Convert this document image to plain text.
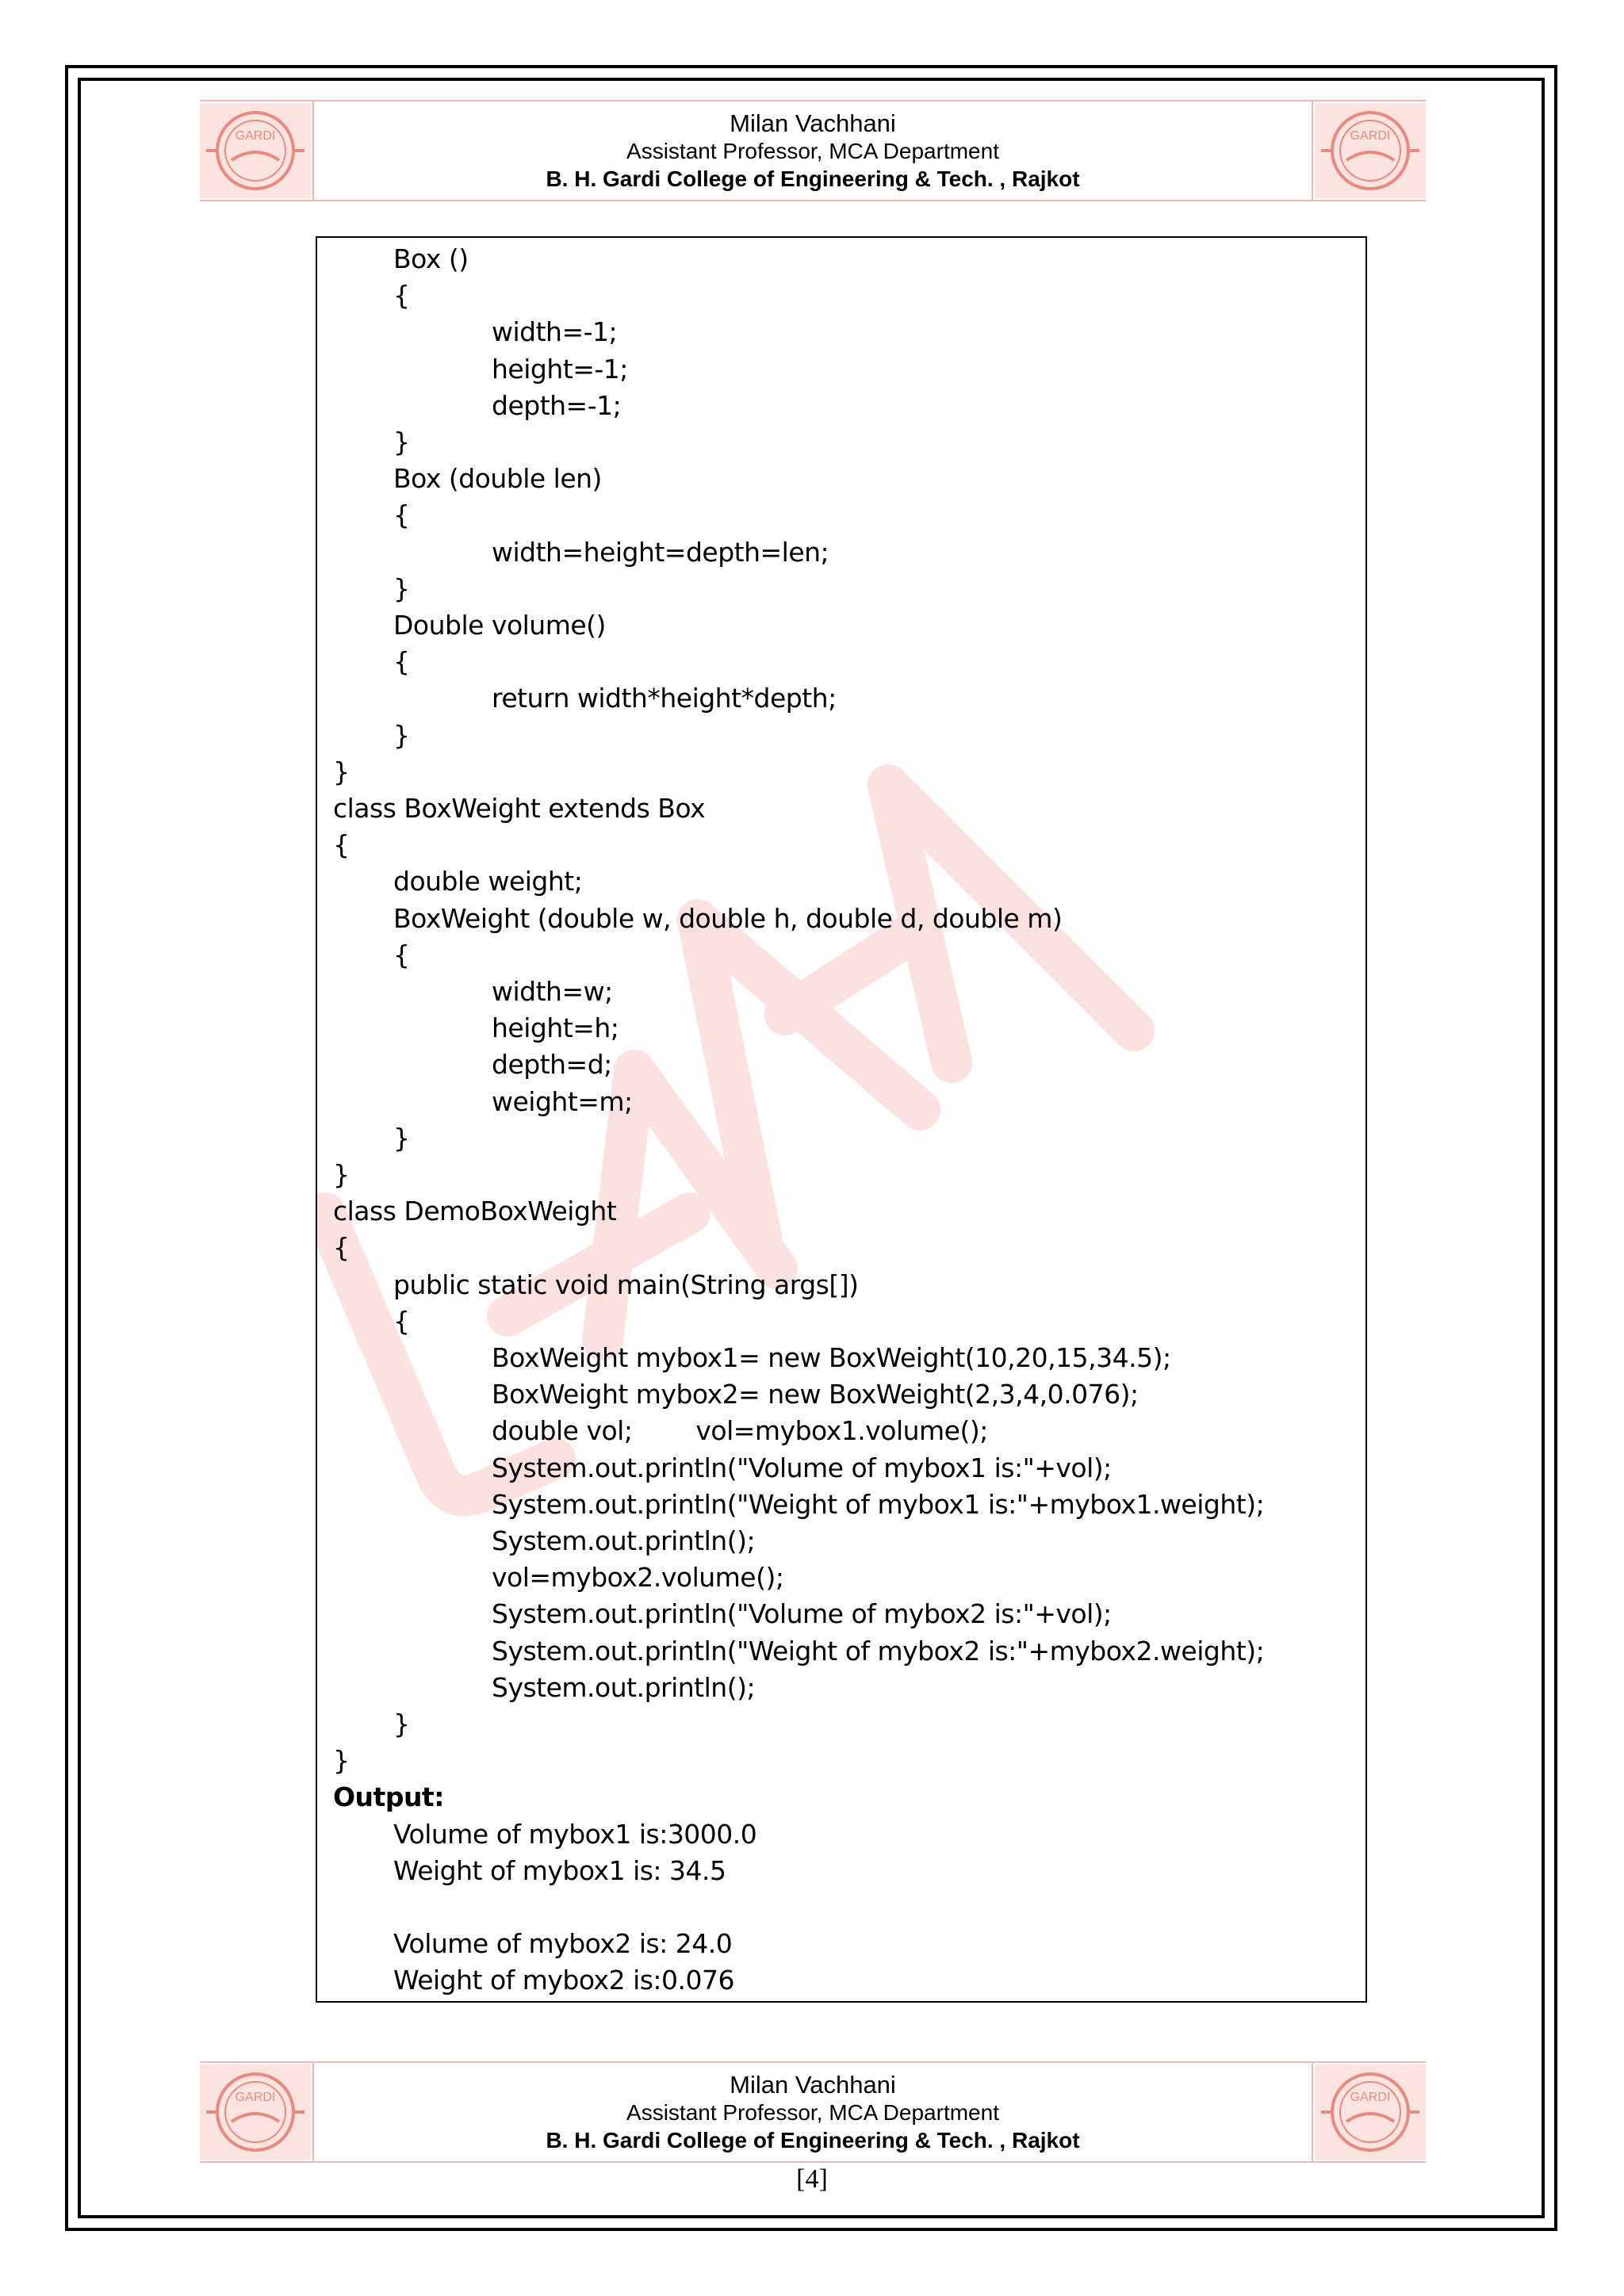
GARDI	Milan Vachhani
Assistant Professor, MCA Department
B. H. Gardi College of Engineering & Tech. , Rajkot
GARDI
Box ()
{
width=-1;
height=-1;
depth=-1;
}
Box (double len)
{
width=height=depth=len;
}
Double volume()
{
return width*height*depth;
}
}
class BoxWeight extends Box
{
double weight;
BoxWeight (double w, double h, double d, double m)
{
width=w;
height=h;
depth=d;
weight=m;
}
}
class DemoBoxWeight
{
public static void main(String args[])
{
BoxWeight mybox1= new BoxWeight(10,20,15,34.5);
BoxWeight mybox2= new BoxWeight(2,3,4,0.076);
double vol;        vol=mybox1.volume();
System.out.println("Volume of mybox1 is:"+vol);
System.out.println("Weight of mybox1 is:"+mybox1.weight);
System.out.println();
vol=mybox2.volume();
System.out.println("Volume of mybox2 is:"+vol);
System.out.println("Weight of mybox2 is:"+mybox2.weight);
System.out.println();
}
}
Output:
Volume of mybox1 is:3000.0
Weight of mybox1 is: 34.5
Volume of mybox2 is: 24.0
Weight of mybox2 is:0.076
GARDI	Milan Vachhani
Assistant Professor, MCA Department
B. H. Gardi College of Engineering & Tech. , Rajkot
GARDI
[4]
